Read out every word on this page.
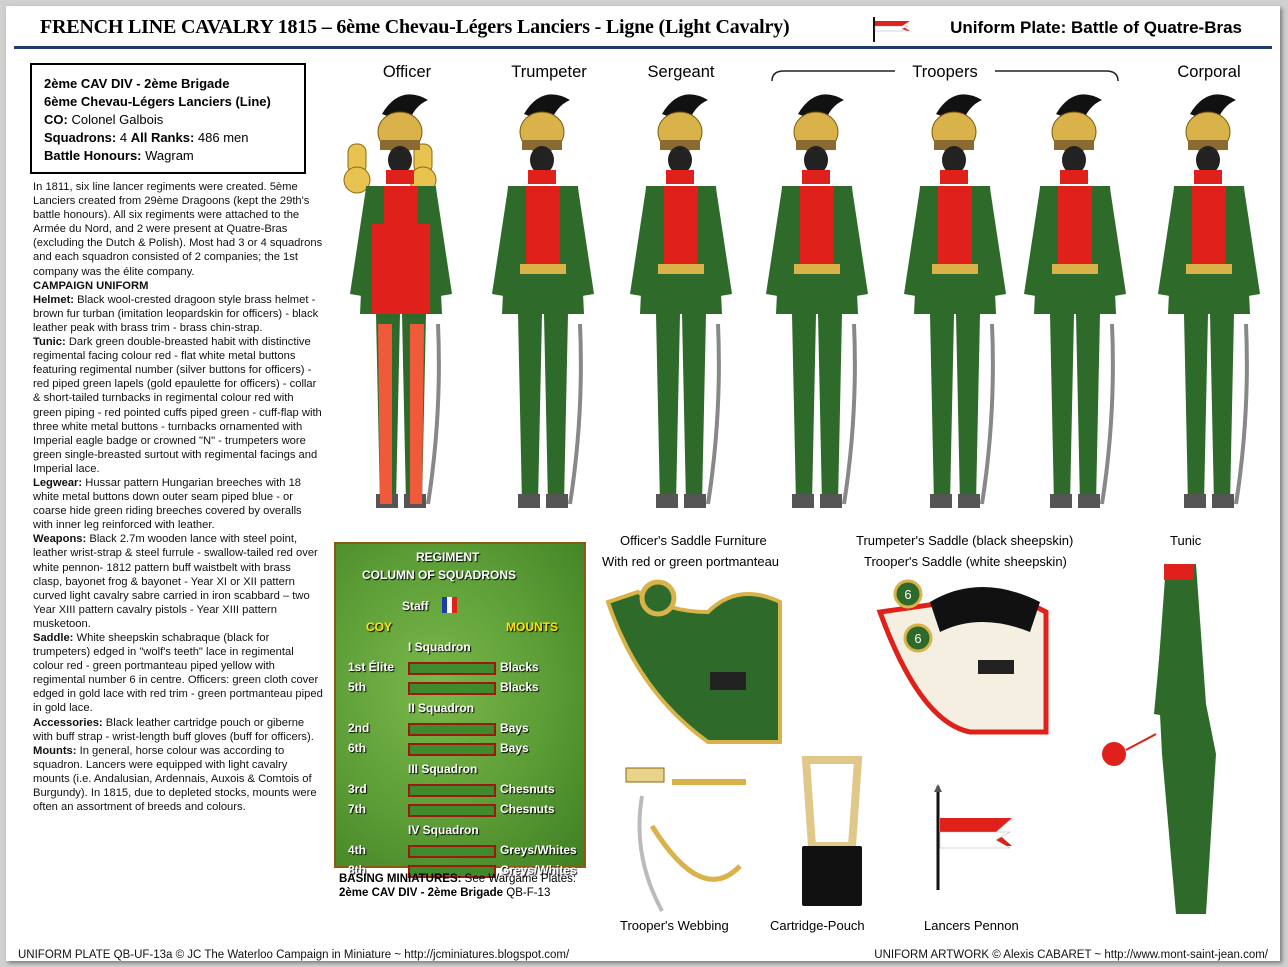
FRENCH LINE CAVALRY 1815 – 6ème Chevau-Légers Lanciers - Ligne (Light Cavalry)	Uniform Plate: Battle of Quatre-Bras
2ème CAV DIV - 2ème Brigade
6ème Chevau-Légers Lanciers (Line)
CO: Colonel Galbois
Squadrons: 4 All Ranks: 486 men
Battle Honours: Wagram

In 1811, six line lancer regiments were created. 5ème Lanciers created from 29ème Dragoons (kept the 29th's battle honours). All six regiments were attached to the Armée du Nord, and 2 were present at Quatre-Bras (excluding the Dutch & Polish). Most had 3 or 4 squadrons and each squadron consisted of 2 companies; the 1st company was the élite company.

CAMPAIGN UNIFORM

Helmet: Black wool-crested dragoon style brass helmet - brown fur turban (imitation leopardskin for officers) - black leather peak with brass trim - brass chin-strap.

Tunic: Dark green double-breasted habit with distinctive regimental facing colour red - flat white metal buttons featuring regimental number (silver buttons for officers) - red piped green lapels (gold epaulette for officers) - collar & short-tailed turnbacks in regimental colour red with green piping - red pointed cuffs piped green - cuff-flap with three white metal buttons - turnbacks ornamented with Imperial eagle badge or crowned "N" - trumpeters wore green single-breasted surtout with regimental facings and Imperial lace.

Legwear: Hussar pattern Hungarian breeches with 18 white metal buttons down outer seam piped blue - or coarse hide green riding breeches covered by overalls with inner leg reinforced with leather.

Weapons: Black 2.7m wooden lance with steel point, leather wrist-strap & steel furrule - swallow-tailed red over white pennon- 1812 pattern buff waistbelt with brass clasp, bayonet frog & bayonet - Year XI or XII pattern curved light cavalry sabre carried in iron scabbard – two Year XIII pattern cavalry pistols - Year XIII pattern musketoon.

Saddle: White sheepskin schabraque (black for trumpeters) edged in "wolf's teeth" lace in regimental colour red - green portmanteau piped yellow with regimental number 6 in centre. Officers: green cloth cover edged in gold lace with red trim - green portmanteau piped in gold lace.

Accessories: Black leather cartridge pouch or giberne with buff strap - wrist-length buff gloves (buff for officers).

Mounts: In general, horse colour was according to squadron. Lancers were equipped with light cavalry mounts (i.e. Andalusian, Ardennais, Auxois & Comtois of Burgundy). In 1815, due to depleted stocks, mounts were often an assortment of breeds and colours.

Officer	Trumpeter	Sergeant	Troopers	Corporal
REGIMENT
COLUMN OF SQUADRONS
Staff
COY	MOUNTS
I Squadron
1st Élite	Blacks
5th	Blacks
II Squadron
2nd	Bays
6th	Bays
III Squadron
3rd	Chesnuts
7th	Chesnuts
IV Squadron
4th	Greys/Whites
8th	Greys/Whites
BASING MINIATURES: See Wargame Plates:
2ème CAV DIV - 2ème Brigade QB-F-13
Officer's Saddle Furniture
With red or green portmanteau
Trumpeter's Saddle (black sheepskin)
Trooper's Saddle (white sheepskin)
Tunic
6
6
Trooper's Webbing	Cartridge-Pouch	Lancers Pennon
UNIFORM PLATE QB-UF-13a © JC The Waterloo Campaign in Miniature ~ http://jcminiatures.blogspot.com/	UNIFORM ARTWORK © Alexis CABARET ~ http://www.mont-saint-jean.com/
